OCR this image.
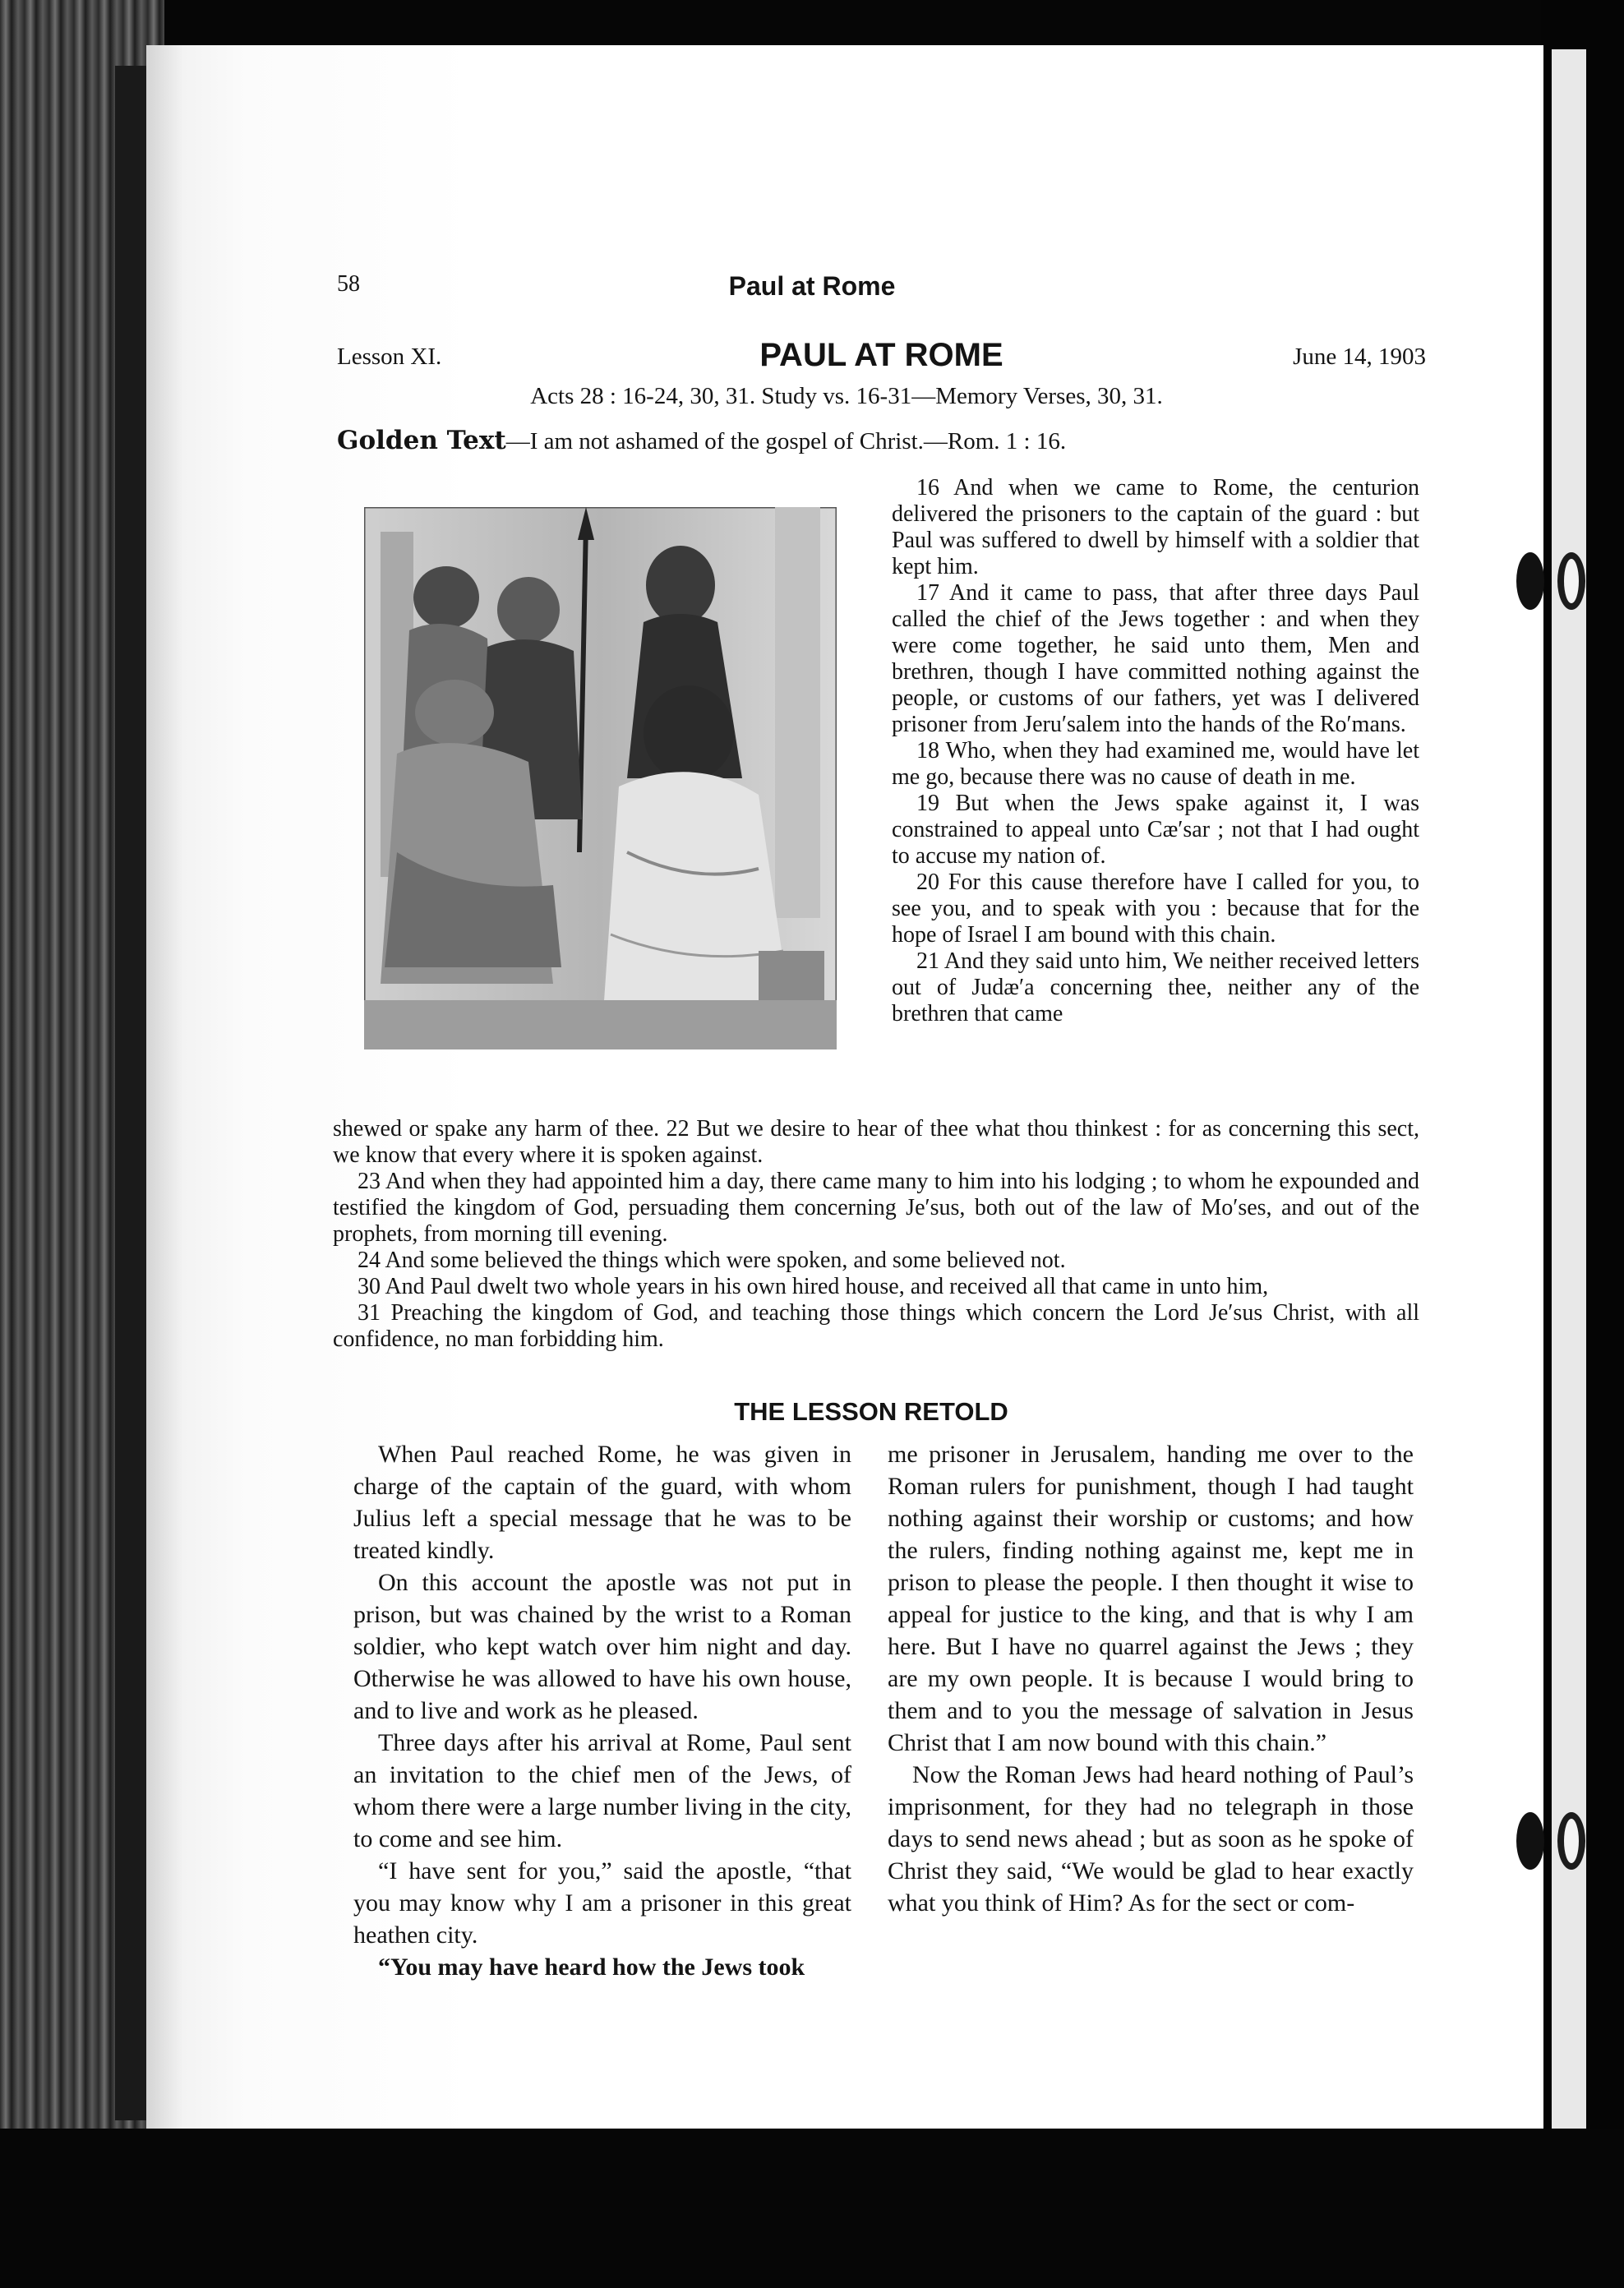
58	Paul at Rome
Lesson XI.	PAUL AT ROME	June 14, 1903
Acts 28 : 16-24, 30, 31. Study vs. 16-31—Memory Verses, 30, 31.
Golden Text—I am not ashamed of the gospel of Christ.—Rom. 1 : 16.

16 And when we came to Rome, the centurion delivered the prisoners to the captain of the guard : but Paul was suffered to dwell by himself with a soldier that kept him.

17 And it came to pass, that after three days Paul called the chief of the Jews together : and when they were come together, he said unto them, Men and brethren, though I have committed nothing against the people, or customs of our fathers, yet was I delivered prisoner from Jeru′salem into the hands of the Ro′mans.

18 Who, when they had examined me, would have let me go, because there was no cause of death in me.

19 But when the Jews spake against it, I was constrained to appeal unto Cæ′sar ; not that I had ought to accuse my nation of.

20 For this cause therefore have I called for you, to see you, and to speak with you : because that for the hope of Israel I am bound with this chain.

21 And they said unto him, We neither received letters out of Judæ′a concerning thee, neither any of the brethren that came

shewed or spake any harm of thee. 22 But we desire to hear of thee what thou thinkest : for as concerning this sect, we know that every where it is spoken against.

23 And when they had appointed him a day, there came many to him into his lodging ; to whom he expounded and testified the kingdom of God, persuading them concerning Je′sus, both out of the law of Mo′ses, and out of the prophets, from morning till evening.

24 And some believed the things which were spoken, and some believed not.

30 And Paul dwelt two whole years in his own hired house, and received all that came in unto him,

31 Preaching the kingdom of God, and teaching those things which concern the Lord Je′sus Christ, with all confidence, no man forbidding him.

THE LESSON RETOLD

When Paul reached Rome, he was given in charge of the captain of the guard, with whom Julius left a special message that he was to be treated kindly.

On this account the apostle was not put in prison, but was chained by the wrist to a Roman soldier, who kept watch over him night and day. Otherwise he was allowed to have his own house, and to live and work as he pleased.

Three days after his arrival at Rome, Paul sent an invitation to the chief men of the Jews, of whom there were a large number living in the city, to come and see him.

“I have sent for you,” said the apostle, “that you may know why I am a prisoner in this great heathen city.

“You may have heard how the Jews took

me prisoner in Jerusalem, handing me over to the Roman rulers for punishment, though I had taught nothing against their worship or customs; and how the rulers, finding nothing against me, kept me in prison to please the people. I then thought it wise to appeal for justice to the king, and that is why I am here. But I have no quarrel against the Jews ; they are my own people. It is because I would bring to them and to you the message of salvation in Jesus Christ that I am now bound with this chain.”

Now the Roman Jews had heard nothing of Paul’s imprisonment, for they had no telegraph in those days to send news ahead ; but as soon as he spoke of Christ they said, “We would be glad to hear exactly what you think of Him? As for the sect or com-
